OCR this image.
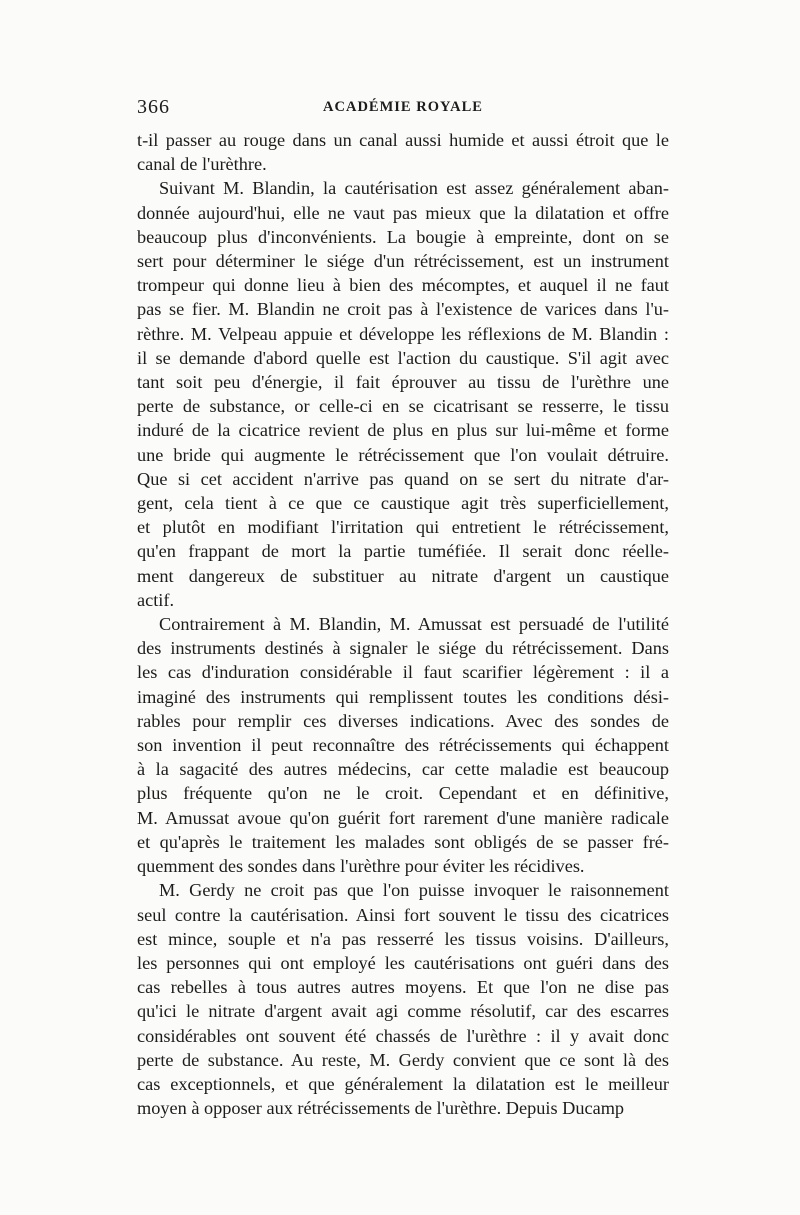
366	ACADÉMIE ROYALE

t-il passer au rouge dans un canal aussi humide et aussi étroit que le

canal de l'urèthre.

Suivant M. Blandin, la cautérisation est assez généralement aban-

donnée aujourd'hui, elle ne vaut pas mieux que la dilatation et offre

beaucoup plus d'inconvénients. La bougie à empreinte, dont on se

sert pour déterminer le siége d'un rétrécissement, est un instrument

trompeur qui donne lieu à bien des mécomptes, et auquel il ne faut

pas se fier. M. Blandin ne croit pas à l'existence de varices dans l'u-

rèthre. M. Velpeau appuie et développe les réflexions de M. Blandin :

il se demande d'abord quelle est l'action du caustique. S'il agit avec

tant soit peu d'énergie, il fait éprouver au tissu de l'urèthre une

perte de substance, or celle-ci en se cicatrisant se resserre, le tissu

induré de la cicatrice revient de plus en plus sur lui-même et forme

une bride qui augmente le rétrécissement que l'on voulait détruire.

Que si cet accident n'arrive pas quand on se sert du nitrate d'ar-

gent, cela tient à ce que ce caustique agit très superficiellement,

et plutôt en modifiant l'irritation qui entretient le rétrécissement,

qu'en frappant de mort la partie tuméfiée. Il serait donc réelle-

ment dangereux de substituer au nitrate d'argent un caustique

actif.

Contrairement à M. Blandin, M. Amussat est persuadé de l'utilité

des instruments destinés à signaler le siége du rétrécissement. Dans

les cas d'induration considérable il faut scarifier légèrement : il a

imaginé des instruments qui remplissent toutes les conditions dési-

rables pour remplir ces diverses indications. Avec des sondes de

son invention il peut reconnaître des rétrécissements qui échappent

à la sagacité des autres médecins, car cette maladie est beaucoup

plus fréquente qu'on ne le croit. Cependant et en définitive,

M. Amussat avoue qu'on guérit fort rarement d'une manière radicale

et qu'après le traitement les malades sont obligés de se passer fré-

quemment des sondes dans l'urèthre pour éviter les récidives.

M. Gerdy ne croit pas que l'on puisse invoquer le raisonnement

seul contre la cautérisation. Ainsi fort souvent le tissu des cicatrices

est mince, souple et n'a pas resserré les tissus voisins. D'ailleurs,

les personnes qui ont employé les cautérisations ont guéri dans des

cas rebelles à tous autres autres moyens. Et que l'on ne dise pas

qu'ici le nitrate d'argent avait agi comme résolutif, car des escarres

considérables ont souvent été chassés de l'urèthre : il y avait donc

perte de substance. Au reste, M. Gerdy convient que ce sont là des

cas exceptionnels, et que généralement la dilatation est le meilleur

moyen à opposer aux rétrécissements de l'urèthre. Depuis Ducamp
